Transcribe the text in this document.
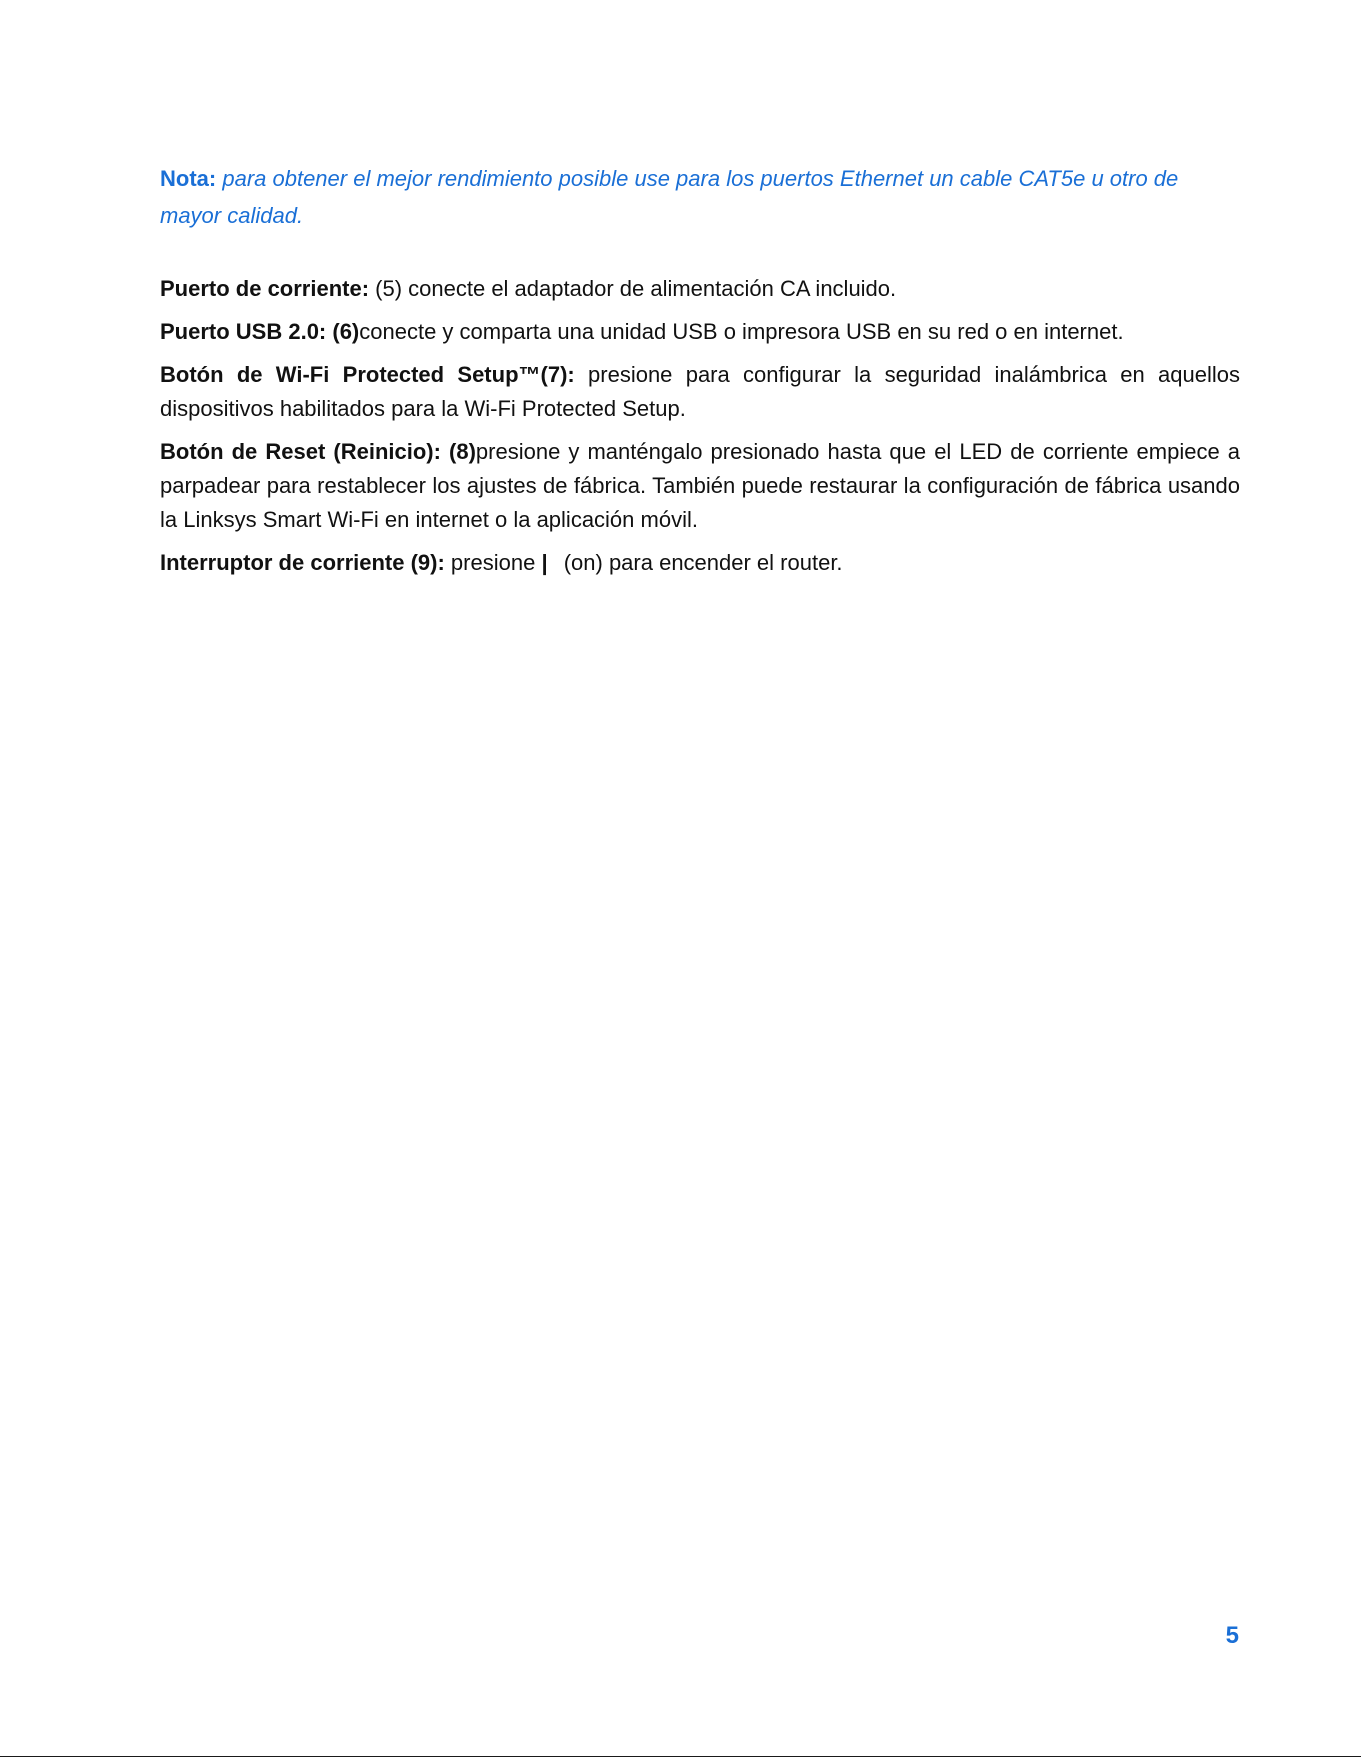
Nota: para obtener el mejor rendimiento posible use para los puertos Ethernet un cable CAT5e u otro de mayor calidad.

Puerto de corriente: (5) conecte el adaptador de alimentación CA incluido.

Puerto USB 2.0: (6)conecte y comparta una unidad USB o impresora USB en su red o en internet.

Botón de Wi-Fi Protected Setup™(7): presione para configurar la seguridad inalámbrica en aquellos dispositivos habilitados para la Wi-Fi Protected Setup.

Botón de Reset (Reinicio): (8)presione y manténgalo presionado hasta que el LED de corriente empiece a parpadear para restablecer los ajustes de fábrica. También puede restaurar la configuración de fábrica usando la Linksys Smart Wi-Fi en internet o la aplicación móvil.

Interruptor de corriente (9): presione | (on) para encender el router.

5
